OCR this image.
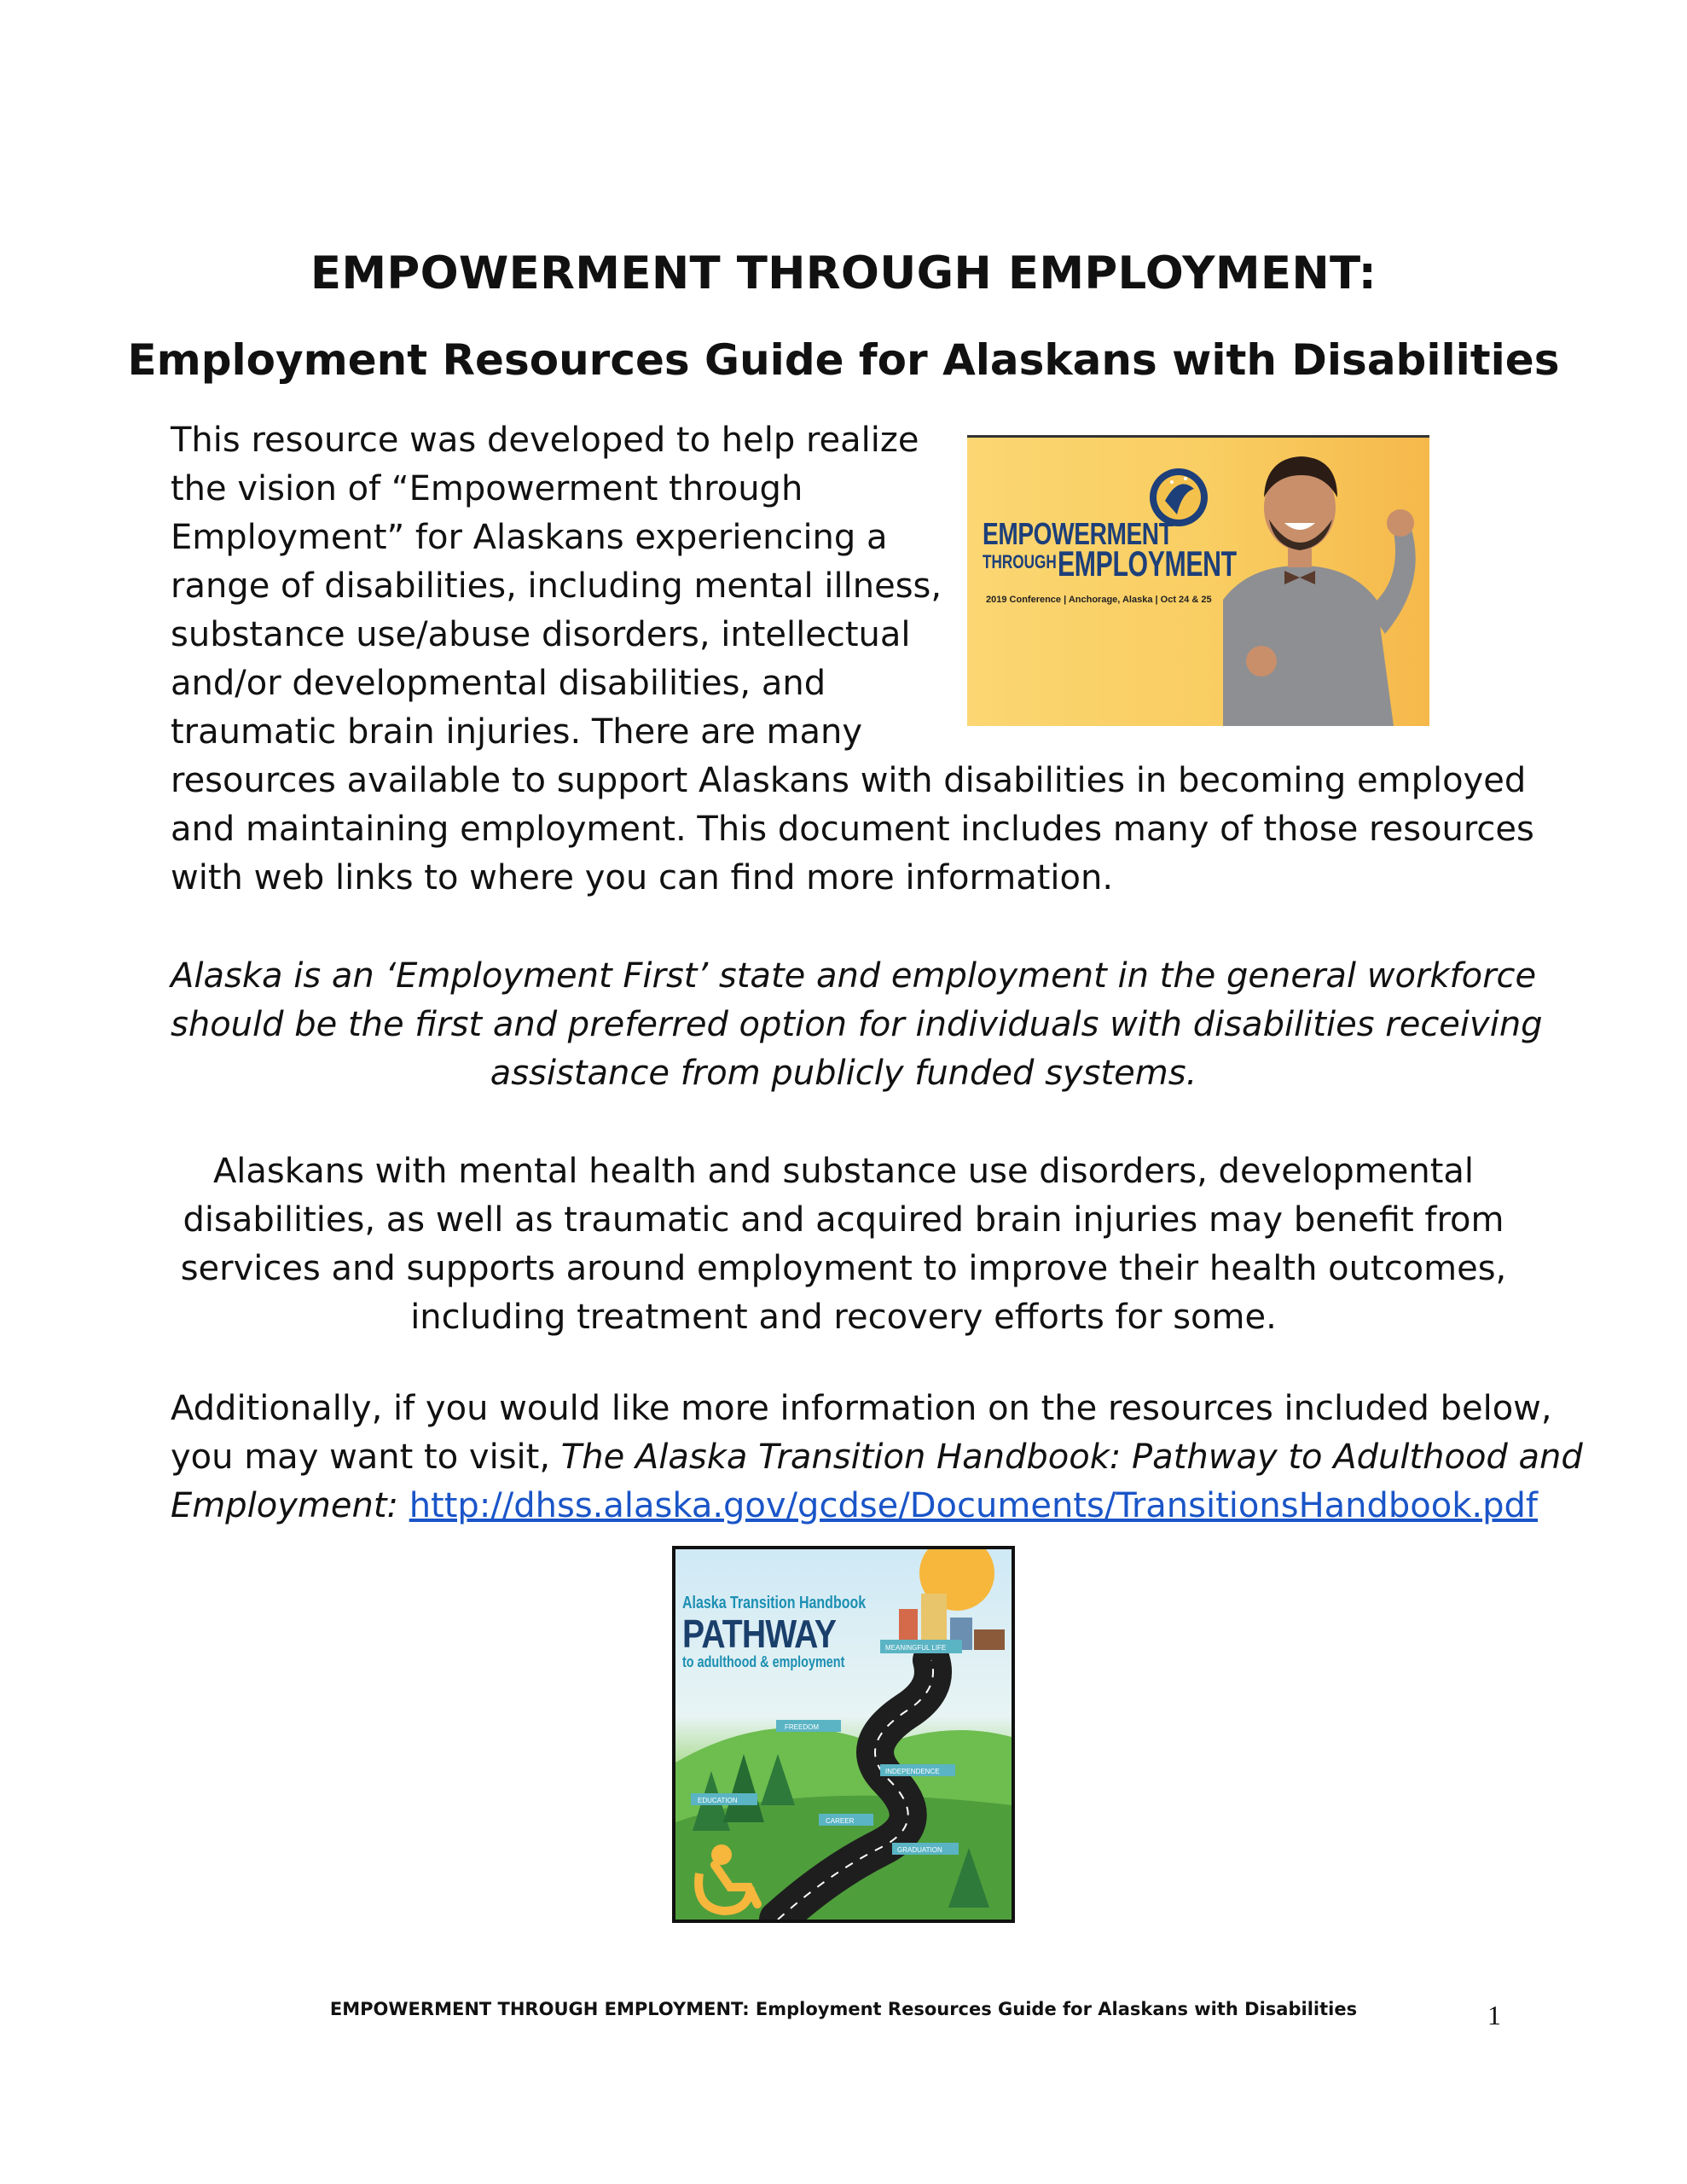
EMPOWERMENT THROUGH EMPLOYMENT:
Employment Resources Guide for Alaskans with Disabilities
This resource was developed to help realize
the vision of “Empowerment through
Employment” for Alaskans experiencing a
range of disabilities, including mental illness,
substance use/abuse disorders, intellectual
and/or developmental disabilities, and
traumatic brain injuries. There are many
resources available to support Alaskans with disabilities in becoming employed
and maintaining employment. This document includes many of those resources
with web links to where you can find more information.
EMPOWERMENT
THROUGH EMPLOYMENT
2019 Conference | Anchorage, Alaska | Oct 24 & 25
Alaska is an ‘Employment First’ state and employment in the general workforce
should be the first and preferred option for individuals with disabilities receiving
assistance from publicly funded systems.
Alaskans with mental health and substance use disorders, developmental
disabilities, as well as traumatic and acquired brain injuries may benefit from
services and supports around employment to improve their health outcomes,
including treatment and recovery efforts for some.
Additionally, if you would like more information on the resources included below,
you may want to visit, The Alaska Transition Handbook: Pathway to Adulthood and
Employment: http://dhss.alaska.gov/gcdse/Documents/TransitionsHandbook.pdf
MEANINGFUL LIFE
FREEDOM
INDEPENDENCE
CAREER
EDUCATION
GRADUATION
Alaska Transition Handbook
PATHWAY
to adulthood & employment
EMPOWERMENT THROUGH EMPLOYMENT: Employment Resources Guide for Alaskans with Disabilities	1
